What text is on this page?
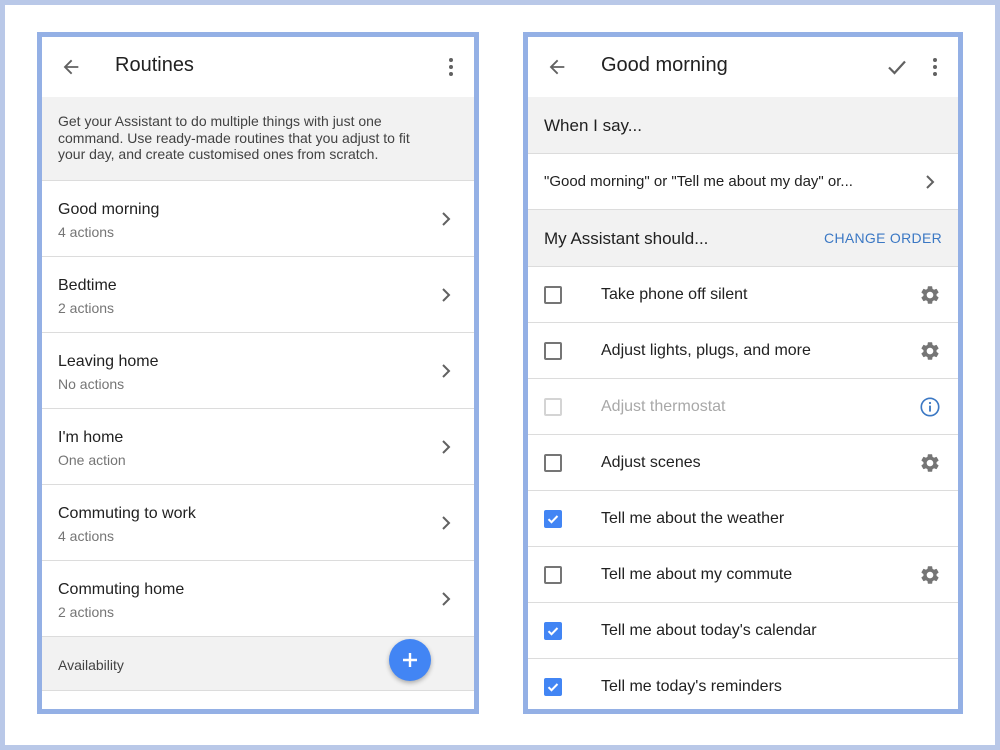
Routines
Get your Assistant to do multiple things with just one command. Use ready-made routines that you adjust to fit your day, and create customised ones from scratch.
Good morning
4 actions
Bedtime
2 actions
Leaving home
No actions
I'm home
One action
Commuting to work
4 actions
Commuting home
2 actions
Availability
Good morning
When I say...
"Good morning" or "Tell me about my day" or...
My Assistant should...	CHANGE ORDER
Take phone off silent
Adjust lights, plugs, and more
Adjust thermostat
Adjust scenes
Tell me about the weather
Tell me about my commute
Tell me about today's calendar
Tell me today's reminders
